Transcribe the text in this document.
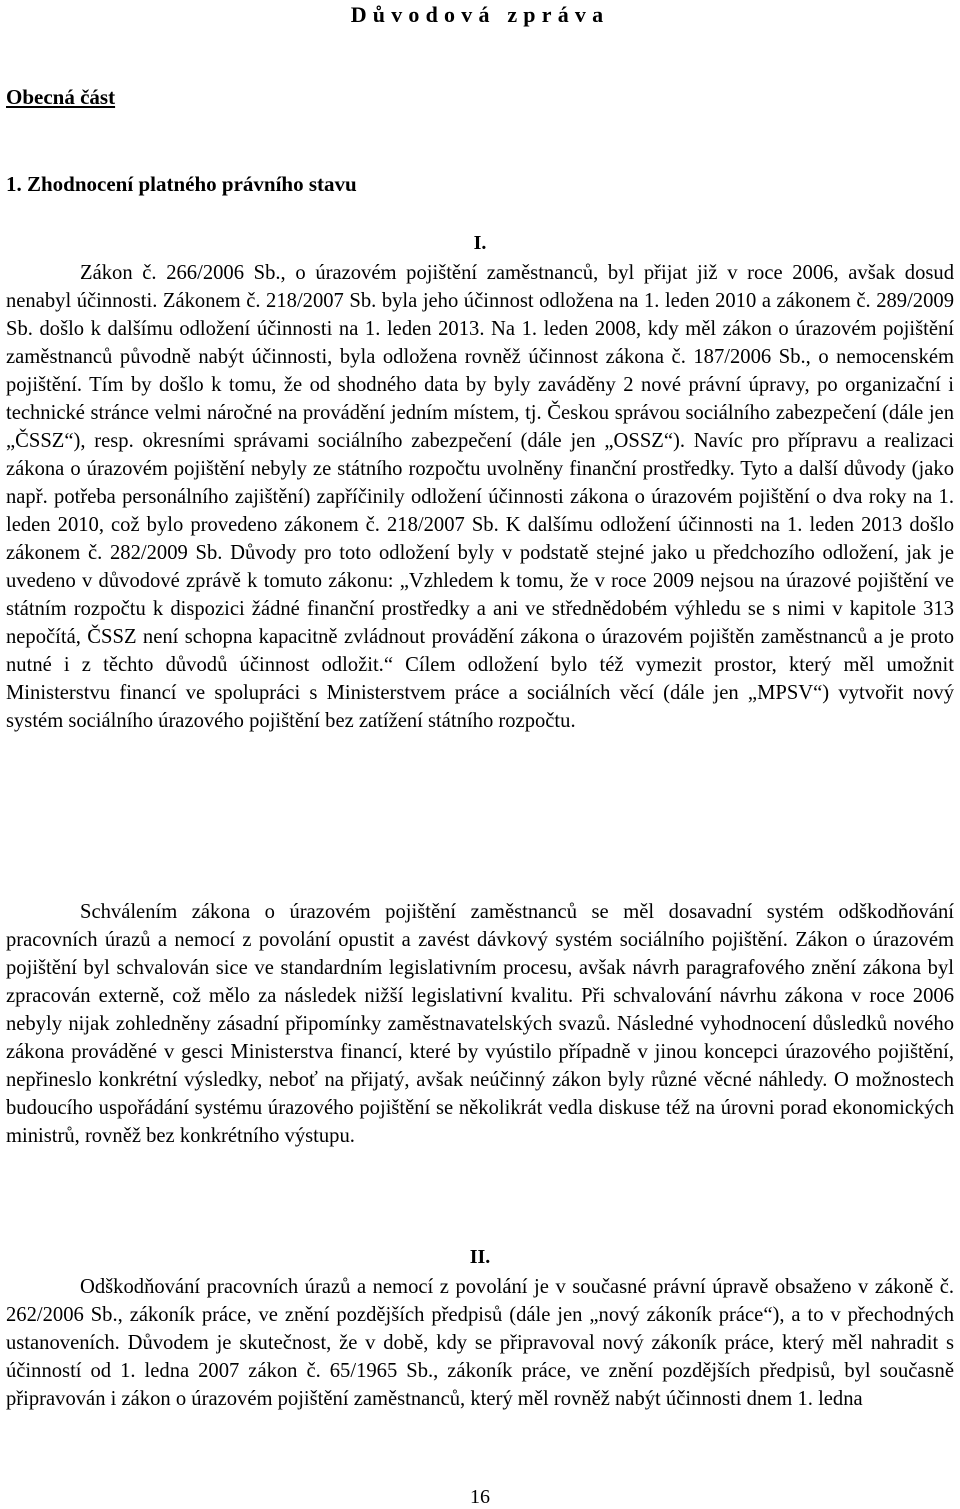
Důvodová zpráva
Obecná část
1. Zhodnocení platného právního stavu
I.

Zákon č. 266/2006 Sb., o úrazovém pojištění zaměstnanců, byl přijat již v roce 2006, avšak dosud nenabyl účinnosti. Zákonem č. 218/2007 Sb. byla jeho účinnost odložena na 1. leden 2010 a zákonem č. 289/2009 Sb. došlo k dalšímu odložení účinnosti na 1. leden 2013. Na 1. leden 2008, kdy měl zákon o úrazovém pojištění zaměstnanců původně nabýt účinnosti, byla odložena rovněž účinnost zákona č. 187/2006 Sb., o nemocenském pojištění. Tím by došlo k tomu, že od shodného data by byly zaváděny 2 nové právní úpravy, po organizační i technické stránce velmi náročné na provádění jedním místem, tj. Českou správou sociálního zabezpečení (dále jen „ČSSZ“), resp. okresními správami sociálního zabezpečení (dále jen „OSSZ“). Navíc pro přípravu a realizaci zákona o úrazovém pojištění nebyly ze státního rozpočtu uvolněny finanční prostředky. Tyto a další důvody (jako např. potřeba personálního zajištění) zapříčinily odložení účinnosti zákona o úrazovém pojištění o dva roky na 1. leden 2010, což bylo provedeno zákonem č. 218/2007 Sb. K dalšímu odložení účinnosti na 1. leden 2013 došlo zákonem č. 282/2009 Sb. Důvody pro toto odložení byly v podstatě stejné jako u předchozího odložení, jak je uvedeno v důvodové zprávě k tomuto zákonu: „Vzhledem k tomu, že v roce 2009 nejsou na úrazové pojištění ve státním rozpočtu k dispozici žádné finanční prostředky a ani ve střednědobém výhledu se s nimi v kapitole 313 nepočítá, ČSSZ není schopna kapacitně zvládnout provádění zákona o úrazovém pojištěn zaměstnanců a je proto nutné i z těchto důvodů účinnost odložit.“ Cílem odložení bylo též vymezit prostor, který měl umožnit Ministerstvu financí ve spolupráci s Ministerstvem práce a sociálních věcí (dále jen „MPSV“) vytvořit nový systém sociálního úrazového pojištění bez zatížení státního rozpočtu.

Schválením zákona o úrazovém pojištění zaměstnanců se měl dosavadní systém odškodňování pracovních úrazů a nemocí z povolání opustit a zavést dávkový systém sociálního pojištění. Zákon o úrazovém pojištění byl schvalován sice ve standardním legislativním procesu, avšak návrh paragrafového znění zákona byl zpracován externě, což mělo za následek nižší legislativní kvalitu. Při schvalování návrhu zákona v roce 2006 nebyly nijak zohledněny zásadní připomínky zaměstnavatelských svazů. Následné vyhodnocení důsledků nového zákona prováděné v gesci Ministerstva financí, které by vyústilo případně v jinou koncepci úrazového pojištění, nepřineslo konkrétní výsledky, neboť na přijatý, avšak neúčinný zákon byly různé věcné náhledy. O možnostech budoucího uspořádání systému úrazového pojištění se několikrát vedla diskuse též na úrovni porad ekonomických ministrů, rovněž bez konkrétního výstupu.

II.

Odškodňování pracovních úrazů a nemocí z povolání je v současné právní úpravě obsaženo v zákoně č. 262/2006 Sb., zákoník práce, ve znění pozdějších předpisů (dále jen „nový zákoník práce“), a to v přechodných ustanoveních. Důvodem je skutečnost, že v době, kdy se připravoval nový zákoník práce, který měl nahradit s účinností od 1. ledna 2007 zákon č. 65/1965 Sb., zákoník práce, ve znění pozdějších předpisů, byl současně připravován i zákon o úrazovém pojištění zaměstnanců, který měl rovněž nabýt účinnosti dnem 1. ledna

16
